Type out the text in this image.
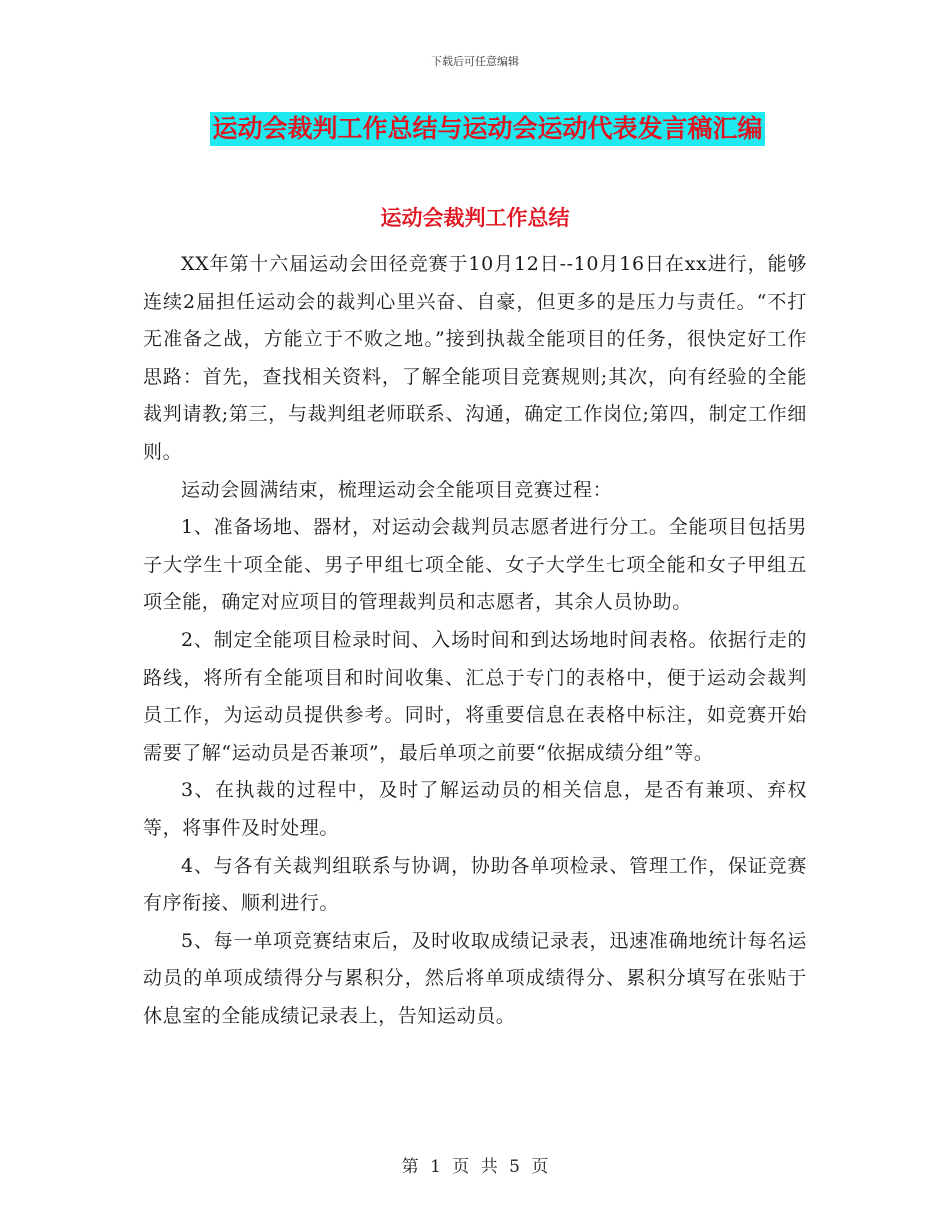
下载后可任意编辑
运动会裁判工作总结与运动会运动代表发言稿汇编
运动会裁判工作总结

XX年第十六届运动会田径竞赛于10月12日--10月16日在xx进行，能够连续2届担任运动会的裁判心里兴奋、自豪，但更多的是压力与责任。“不打无准备之战，方能立于不败之地。”接到执裁全能项目的任务，很快定好工作思路：首先，查找相关资料，了解全能项目竞赛规则;其次，向有经验的全能裁判请教;第三，与裁判组老师联系、沟通，确定工作岗位;第四，制定工作细则。

运动会圆满结束，梳理运动会全能项目竞赛过程：

1、准备场地、器材，对运动会裁判员志愿者进行分工。全能项目包括男子大学生十项全能、男子甲组七项全能、女子大学生七项全能和女子甲组五项全能，确定对应项目的管理裁判员和志愿者，其余人员协助。

2、制定全能项目检录时间、入场时间和到达场地时间表格。依据行走的路线，将所有全能项目和时间收集、汇总于专门的表格中，便于运动会裁判员工作，为运动员提供参考。同时，将重要信息在表格中标注，如竞赛开始需要了解“运动员是否兼项”，最后单项之前要“依据成绩分组”等。

3、在执裁的过程中，及时了解运动员的相关信息，是否有兼项、弃权等，将事件及时处理。

4、与各有关裁判组联系与协调，协助各单项检录、管理工作，保证竞赛有序衔接、顺利进行。

5、每一单项竞赛结束后，及时收取成绩记录表，迅速准确地统计每名运动员的单项成绩得分与累积分，然后将单项成绩得分、累积分填写在张贴于休息室的全能成绩记录表上，告知运动员。

第 1 页 共 5 页
